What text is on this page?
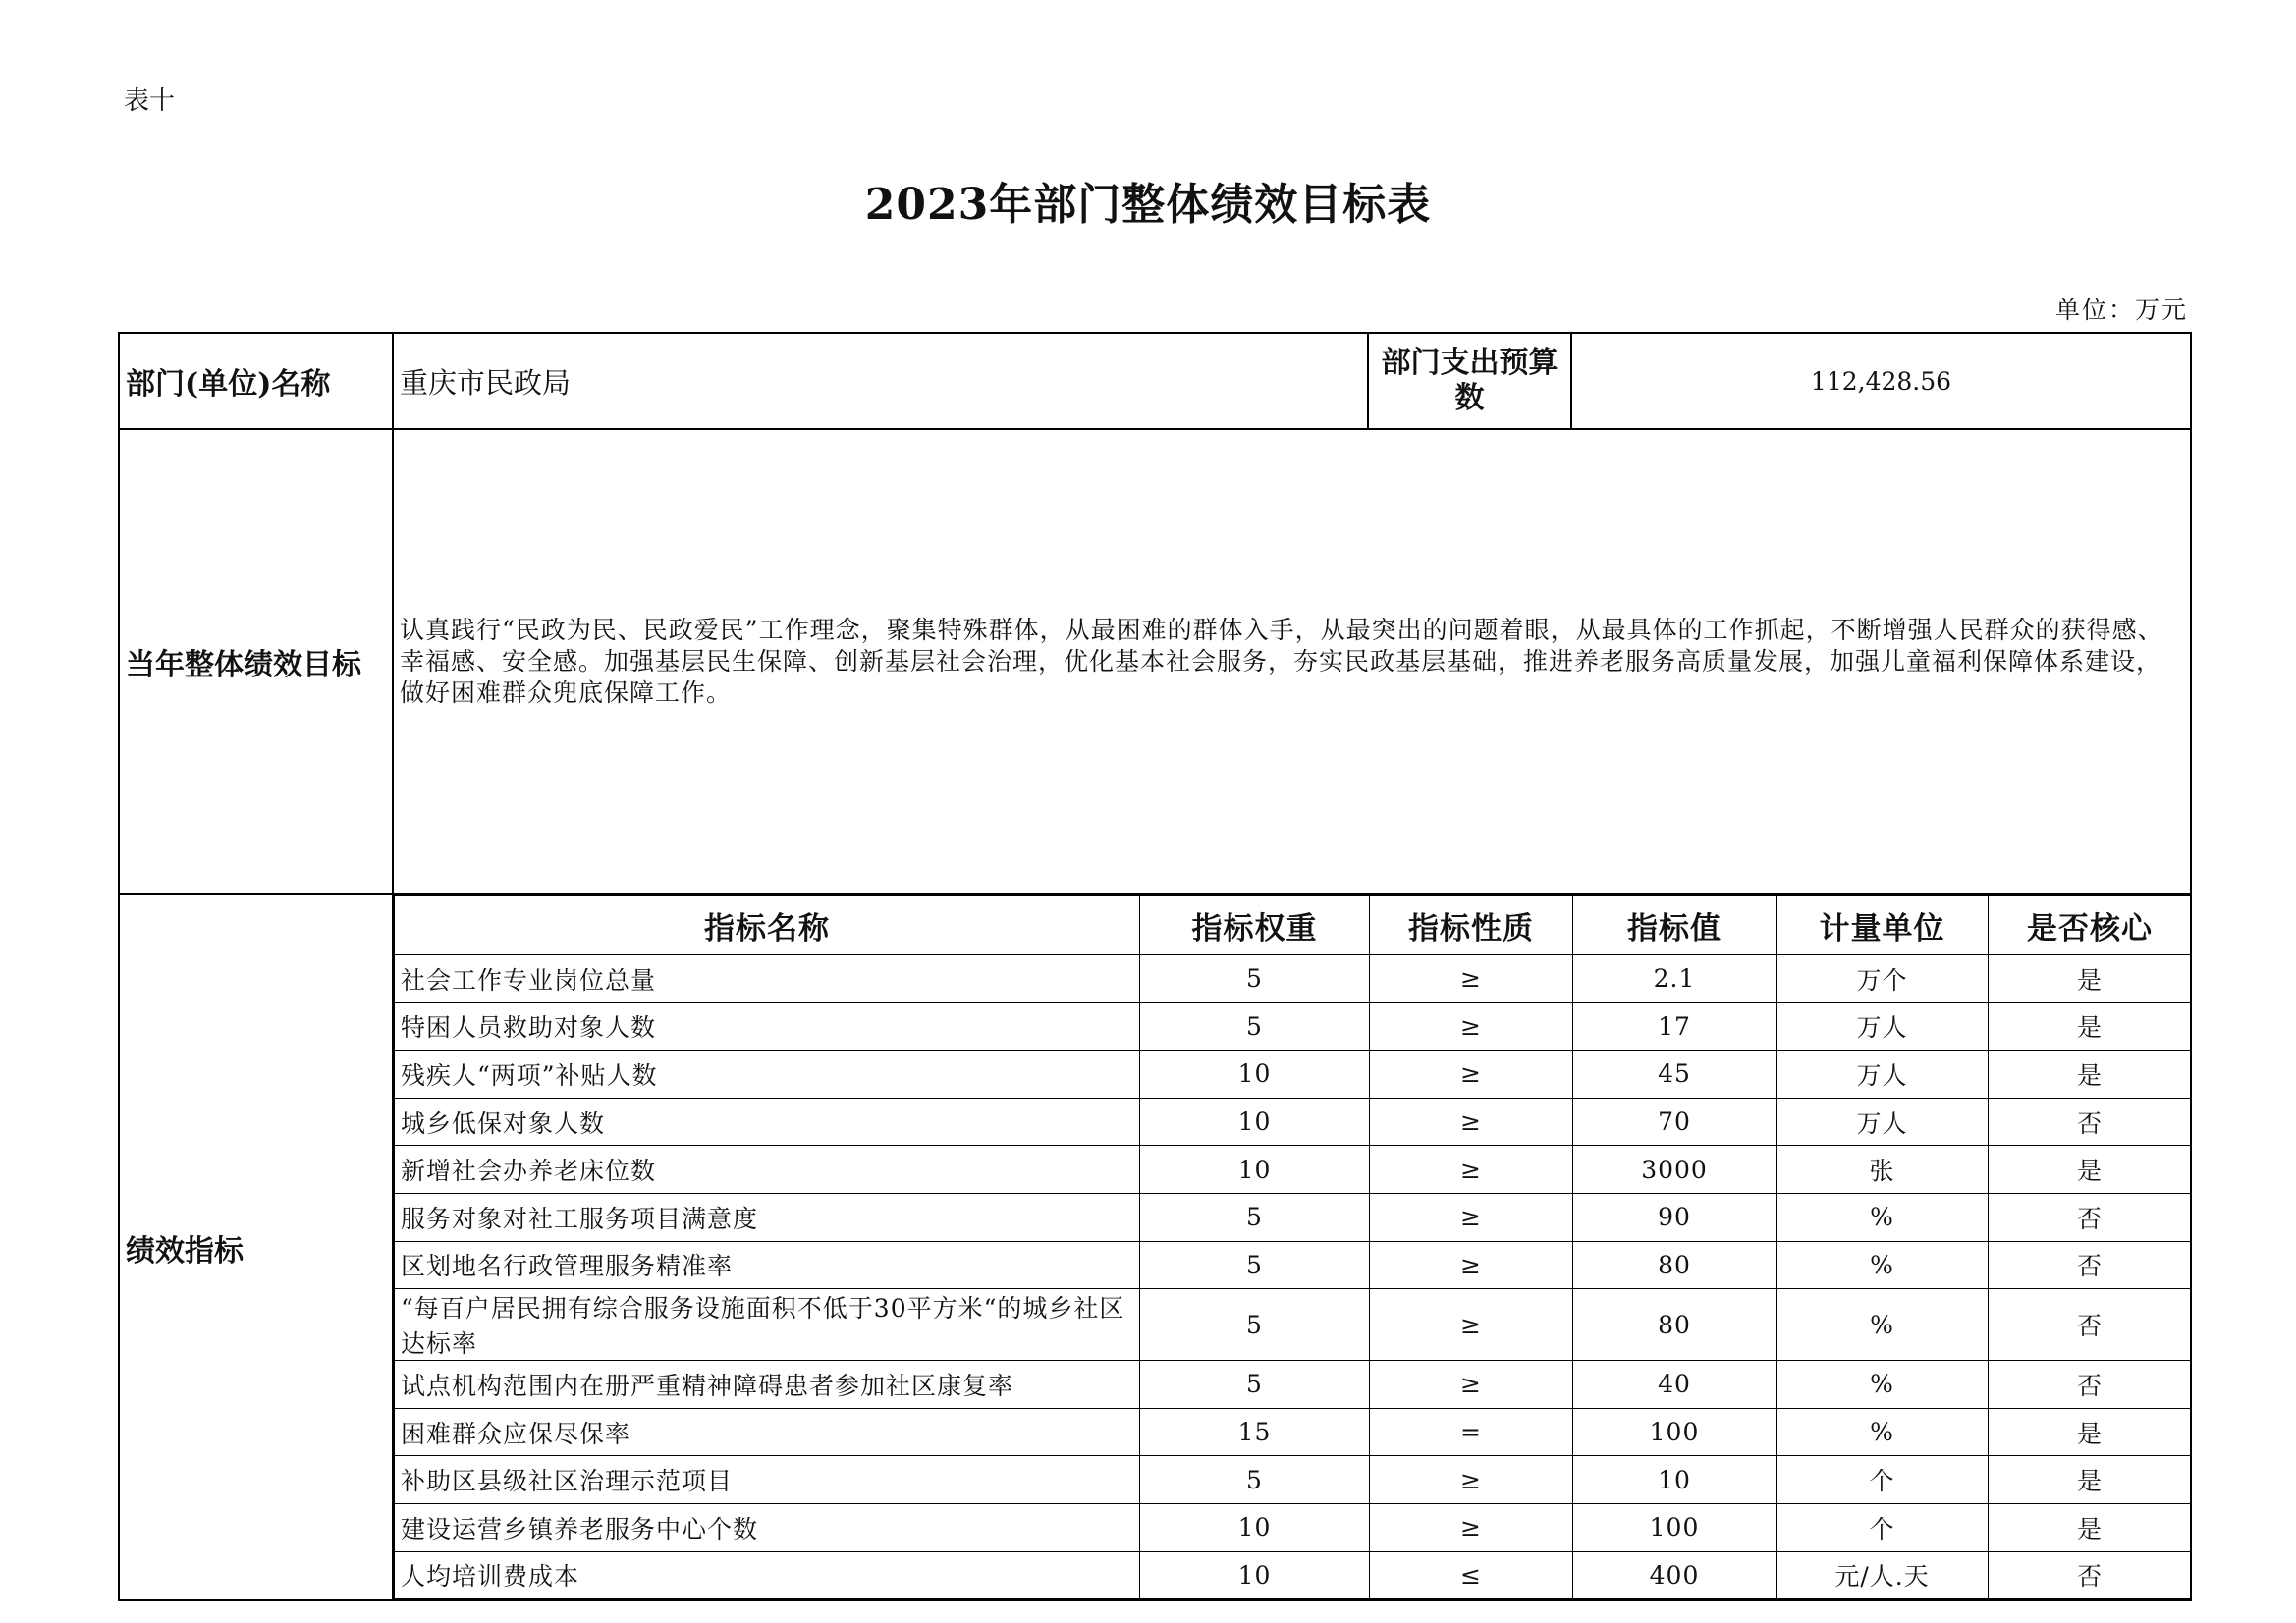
表十
2023年部门整体绩效目标表
单位：万元
部门(单位)名称	重庆市民政局	部门支出预算数	112,428.56
当年整体绩效目标	认真践行“民政为民、民政爱民”工作理念，聚集特殊群体，从最困难的群体入手，从最突出的问题着眼，从最具体的工作抓起，不断增强人民群众的获得感、幸福感、安全感。加强基层民生保障、创新基层社会治理，优化基本社会服务，夯实民政基层基础，推进养老服务高质量发展，加强儿童福利保障体系建设，做好困难群众兜底保障工作。
绩效指标	
指标名称	指标权重	指标性质	指标值	计量单位	是否核心
社会工作专业岗位总量	5	≥	2.1	万个	是
特困人员救助对象人数	5	≥	17	万人	是
残疾人“两项”补贴人数	10	≥	45	万人	是
城乡低保对象人数	10	≥	70	万人	否
新增社会办养老床位数	10	≥	3000	张	是
服务对象对社工服务项目满意度	5	≥	90	%	否
区划地名行政管理服务精准率	5	≥	80	%	否
“每百户居民拥有综合服务设施面积不低于30平方米“的城乡社区达标率	5	≥	80	%	否
试点机构范围内在册严重精神障碍患者参加社区康复率	5	≥	40	%	否
困难群众应保尽保率	15	=	100	%	是
补助区县级社区治理示范项目	5	≥	10	个	是
建设运营乡镇养老服务中心个数	10	≥	100	个	是
人均培训费成本	10	≤	400	元/人.天	否
